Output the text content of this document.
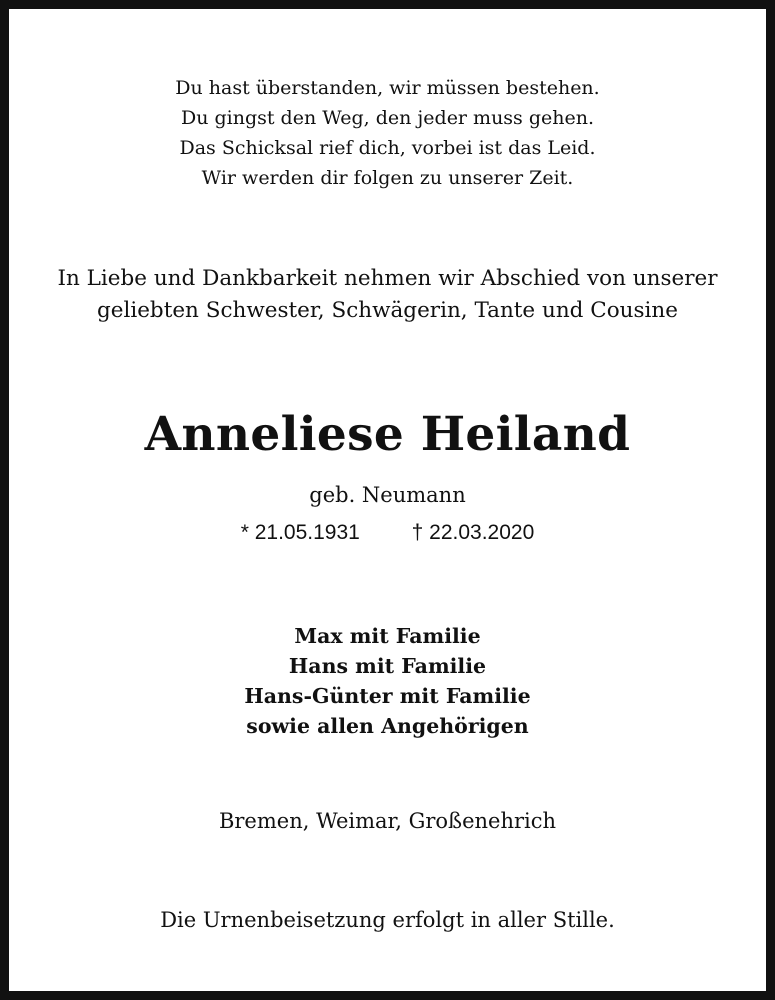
Du hast überstanden, wir müssen bestehen.
Du gingst den Weg, den jeder muss gehen.
Das Schicksal rief dich, vorbei ist das Leid.
Wir werden dir folgen zu unserer Zeit.
In Liebe und Dankbarkeit nehmen wir Abschied von unserer
geliebten Schwester, Schwägerin, Tante und Cousine
Anneliese Heiland
geb. Neumann
* 21.05.1931 † 22.03.2020
Max mit Familie
Hans mit Familie
Hans-Günter mit Familie
sowie allen Angehörigen
Bremen, Weimar, Großenehrich
Die Urnenbeisetzung erfolgt in aller Stille.
